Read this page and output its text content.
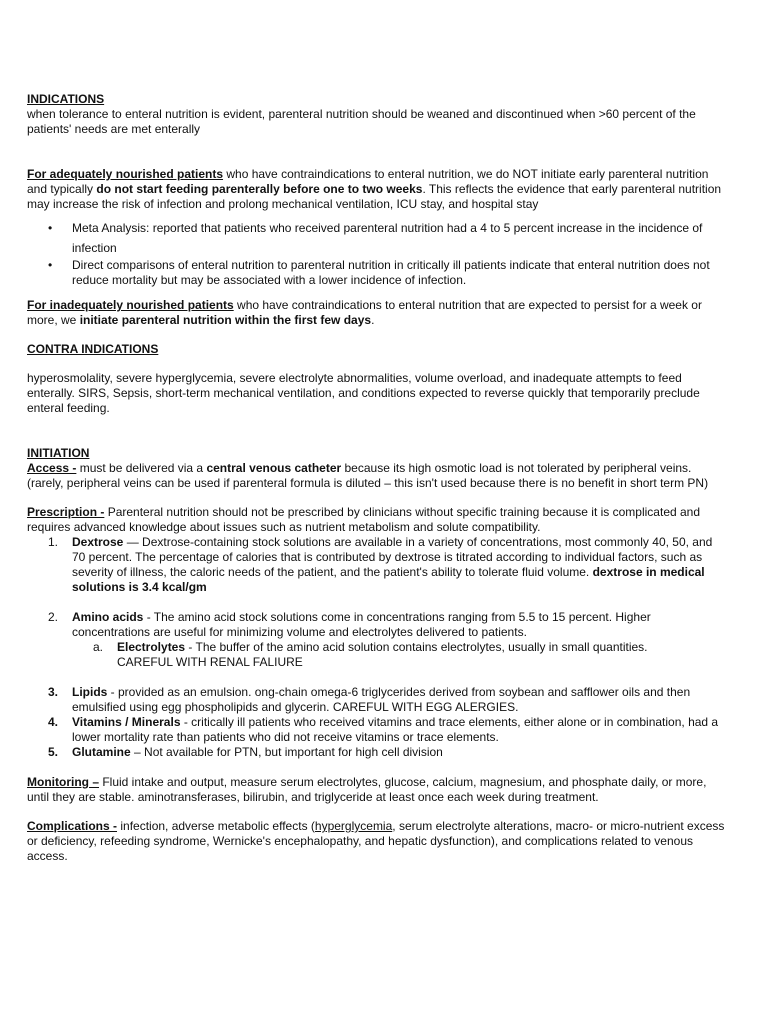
INDICATIONS

when tolerance to enteral nutrition is evident, parenteral nutrition should be weaned and discontinued when >60 percent of the patients' needs are met enterally

For adequately nourished patients who have contraindications to enteral nutrition, we do NOT initiate early parenteral nutrition and typically do not start feeding parenterally before one to two weeks. This reflects the evidence that early parenteral nutrition may increase the risk of infection and prolong mechanical ventilation, ICU stay, and hospital stay

• Meta Analysis: reported that patients who received parenteral nutrition had a 4 to 5 percent increase in the incidence of infection
• Direct comparisons of enteral nutrition to parenteral nutrition in critically ill patients indicate that enteral nutrition does not reduce mortality but may be associated with a lower incidence of infection.

For inadequately nourished patients who have contraindications to enteral nutrition that are expected to persist for a week or more, we initiate parenteral nutrition within the first few days.

CONTRA INDICATIONS

hyperosmolality, severe hyperglycemia, severe electrolyte abnormalities, volume overload, and inadequate attempts to feed enterally. SIRS, Sepsis, short-term mechanical ventilation, and conditions expected to reverse quickly that temporarily preclude enteral feeding.

INITIATION

Access - must be delivered via a central venous catheter because its high osmotic load is not tolerated by peripheral veins. (rarely, peripheral veins can be used if parenteral formula is diluted – this isn't used because there is no benefit in short term PN)

Prescription - Parenteral nutrition should not be prescribed by clinicians without specific training because it is complicated and requires advanced knowledge about issues such as nutrient metabolism and solute compatibility.

1. Dextrose — Dextrose-containing stock solutions are available in a variety of concentrations, most commonly 40, 50, and 70 percent. The percentage of calories that is contributed by dextrose is titrated according to individual factors, such as severity of illness, the caloric needs of the patient, and the patient's ability to tolerate fluid volume. dextrose in medical solutions is 3.4 kcal/gm
2. Amino acids - The amino acid stock solutions come in concentrations ranging from 5.5 to 15 percent. Higher concentrations are useful for minimizing volume and electrolytes delivered to patients.
a. Electrolytes - The buffer of the amino acid solution contains electrolytes, usually in small quantities.
CAREFUL WITH RENAL FALIURE
3. Lipids - provided as an emulsion. ong-chain omega-6 triglycerides derived from soybean and safflower oils and then emulsified using egg phospholipids and glycerin. CAREFUL WITH EGG ALERGIES.
4. Vitamins / Minerals - critically ill patients who received vitamins and trace elements, either alone or in combination, had a lower mortality rate than patients who did not receive vitamins or trace elements.
5. Glutamine – Not available for PTN, but important for high cell division

Monitoring – Fluid intake and output, measure serum electrolytes, glucose, calcium, magnesium, and phosphate daily, or more, until they are stable. aminotransferases, bilirubin, and triglyceride at least once each week during treatment.

Complications - infection, adverse metabolic effects (hyperglycemia, serum electrolyte alterations, macro- or micro-nutrient excess or deficiency, refeeding syndrome, Wernicke's encephalopathy, and hepatic dysfunction), and complications related to venous access.
